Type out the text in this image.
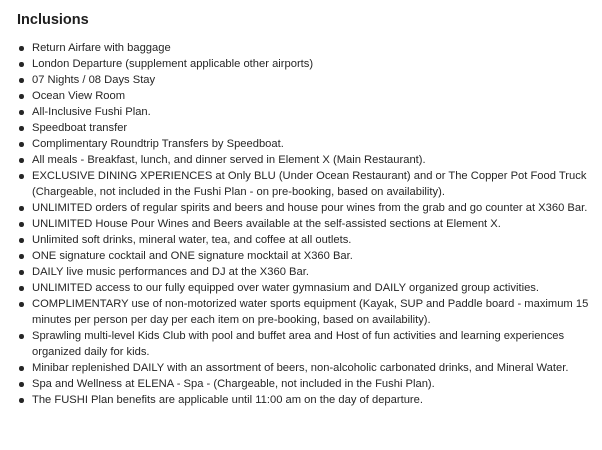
Inclusions
Return Airfare with baggage
London Departure (supplement applicable other airports)
07 Nights / 08 Days Stay
Ocean View Room
All-Inclusive Fushi Plan.
Speedboat transfer
Complimentary Roundtrip Transfers by Speedboat.
All meals - Breakfast, lunch, and dinner served in Element X (Main Restaurant).
EXCLUSIVE DINING XPERIENCES at Only BLU (Under Ocean Restaurant) and or The Copper Pot Food Truck (Chargeable, not included in the Fushi Plan - on pre-booking, based on availability).
UNLIMITED orders of regular spirits and beers and house pour wines from the grab and go counter at X360 Bar.
UNLIMITED House Pour Wines and Beers available at the self-assisted sections at Element X.
Unlimited soft drinks, mineral water, tea, and coffee at all outlets.
ONE signature cocktail and ONE signature mocktail at X360 Bar.
DAILY live music performances and DJ at the X360 Bar.
UNLIMITED access to our fully equipped over water gymnasium and DAILY organized group activities.
COMPLIMENTARY use of non-motorized water sports equipment (Kayak, SUP and Paddle board - maximum 15 minutes per person per day per each item on pre-booking, based on availability).
Sprawling multi-level Kids Club with pool and buffet area and Host of fun activities and learning experiences organized daily for kids.
Minibar replenished DAILY with an assortment of beers, non-alcoholic carbonated drinks, and Mineral Water.
Spa and Wellness at ELENA - Spa - (Chargeable, not included in the Fushi Plan).
The FUSHI Plan benefits are applicable until 11:00 am on the day of departure.
